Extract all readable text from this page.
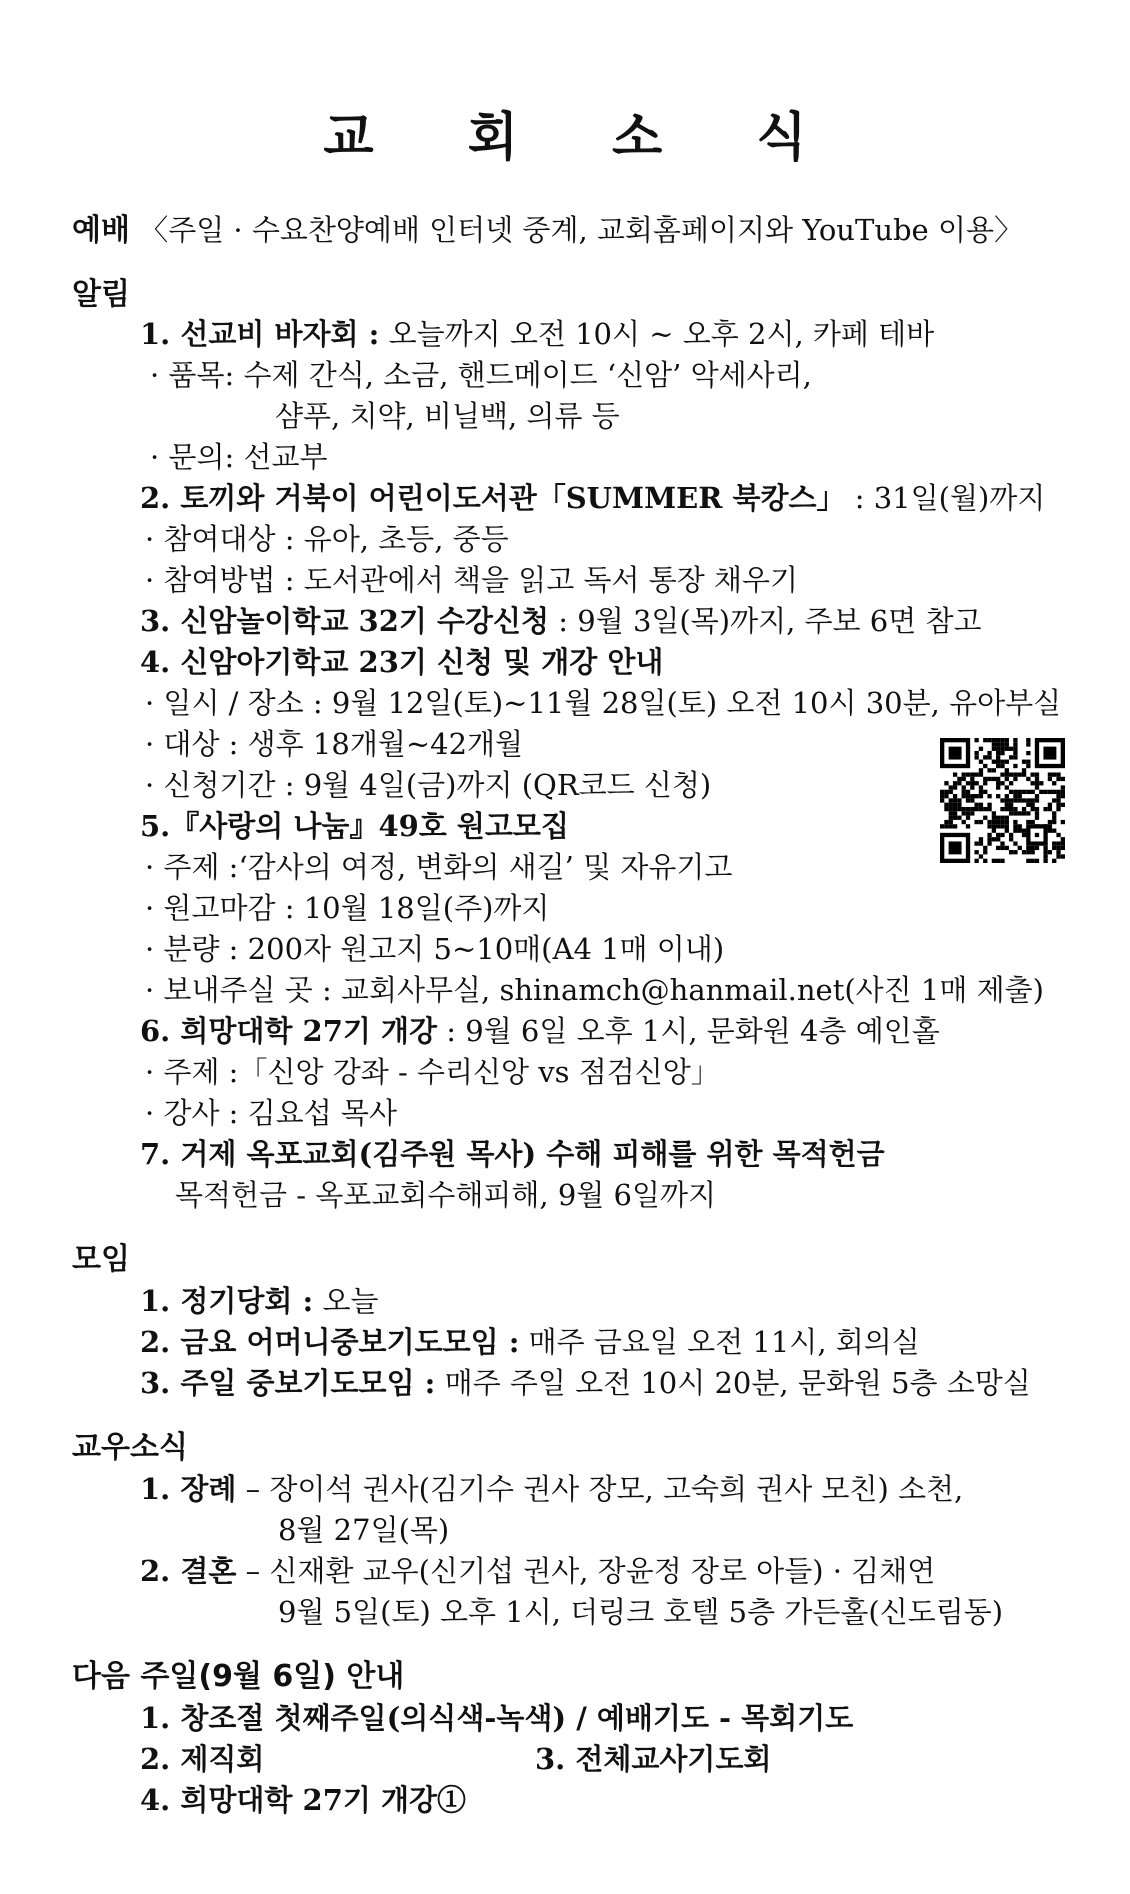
교 회 소 식
예배 〈주일 · 수요찬양예배 인터넷 중계, 교회홈페이지와 YouTube 이용〉
알림
1. 선교비 바자회 : 오늘까지 오전 10시 ~ 오후 2시, 카페 테바
· 품목: 수제 간식, 소금, 핸드메이드 ‘신암’ 악세사리,
샴푸, 치약, 비닐백, 의류 등
· 문의: 선교부
2. 토끼와 거북이 어린이도서관「SUMMER 북캉스」 : 31일(월)까지
· 참여대상 : 유아, 초등, 중등
· 참여방법 : 도서관에서 책을 읽고 독서 통장 채우기
3. 신암놀이학교 32기 수강신청 : 9월 3일(목)까지, 주보 6면 참고
4. 신암아기학교 23기 신청 및 개강 안내
· 일시 / 장소 : 9월 12일(토)~11월 28일(토) 오전 10시 30분, 유아부실
· 대상 : 생후 18개월~42개월
· 신청기간 : 9월 4일(금)까지 (QR코드 신청)
5.『사랑의 나눔』49호 원고모집
· 주제 :‘감사의 여정, 변화의 새길’ 및 자유기고
· 원고마감 : 10월 18일(주)까지
· 분량 : 200자 원고지 5~10매(A4 1매 이내)
· 보내주실 곳 : 교회사무실, shinamch@hanmail.net(사진 1매 제출)
6. 희망대학 27기 개강 : 9월 6일 오후 1시, 문화원 4층 예인홀
· 주제 :「신앙 강좌 - 수리신앙 vs 점검신앙」
· 강사 : 김요섭 목사
7. 거제 옥포교회(김주원 목사) 수해 피해를 위한 목적헌금
목적헌금 - 옥포교회수해피해, 9월 6일까지
모임
1. 정기당회 : 오늘
2. 금요 어머니중보기도모임 : 매주 금요일 오전 11시, 회의실
3. 주일 중보기도모임 : 매주 주일 오전 10시 20분, 문화원 5층 소망실
교우소식
1. 장례 – 장이석 권사(김기수 권사 장모, 고숙희 권사 모친) 소천,
8월 27일(목)
2. 결혼 – 신재환 교우(신기섭 권사, 장윤정 장로 아들) · 김채연
9월 5일(토) 오후 1시, 더링크 호텔 5층 가든홀(신도림동)
다음 주일(9월 6일) 안내
1. 창조절 첫째주일(의식색-녹색) / 예배기도 - 목회기도
2. 제직회	3. 전체교사기도회
4. 희망대학 27기 개강①
